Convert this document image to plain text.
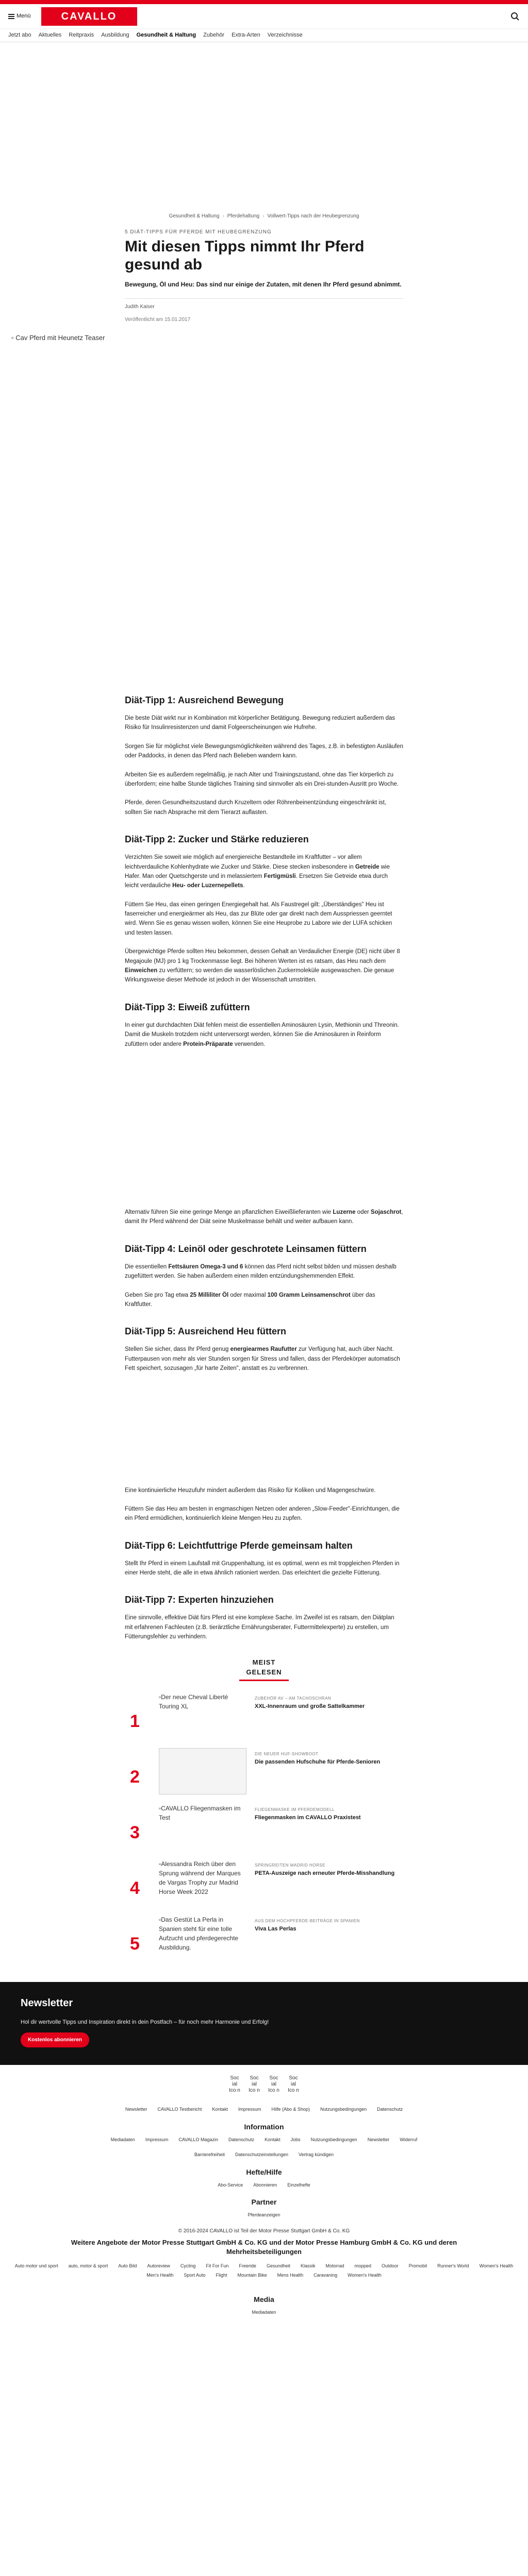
Menü	CAVALLO
Jetzt abo	Aktuelles	Reitpraxis	Ausbildung	Gesundheit & Haltung	Zubehör	Extra-Arten	Verzeichnisse
Gesundheit & Haltung › Pferdehaltung › Vollwert-Tipps nach der Heubegrenzung
5 DIÄT-TIPPS FÜR PFERDE MIT HEUBEGRENZUNG
Mit diesen Tipps nimmt Ihr Pferd gesund ab
Bewegung, Öl und Heu: Das sind nur einige der Zutaten, mit denen Ihr Pferd gesund abnimmt.
Judith Kaiser
Veröffentlicht am 15.01.2017
▫ Cav Pferd mit Heunetz Teaser
Diät-Tipp 1: Ausreichend Bewegung

Die beste Diät wirkt nur in Kombination mit körperlicher Betätigung. Bewegung reduziert außerdem das Risiko für Insulinresistenzen und damit Folgeerscheinungen wie Hufrehe.

Sorgen Sie für möglichst viele Bewegungsmöglichkeiten während des Tages, z.B. in befestigten Ausläufen oder Paddocks, in denen das Pferd nach Belieben wandern kann.

Arbeiten Sie es außerdem regelmäßig, je nach Alter und Trainingszustand, ohne das Tier körperlich zu überfordern; eine halbe Stunde tägliches Training sind sinnvoller als ein Drei-stunden-Ausritt pro Woche.

Pferde, deren Gesundheitszustand durch Kruzeltern oder Röhrenbeinentzündung eingeschränkt ist, sollten Sie nach Absprache mit dem Tierarzt auflasten.

Diät-Tipp 2: Zucker und Stärke reduzieren

Verzichten Sie soweit wie möglich auf energiereiche Bestandteile im Kraftfutter – vor allem leichtverdauliche Kohlenhydrate wie Zucker und Stärke. Diese stecken insbesondere in Getreide wie Hafer. Man oder Quetschgerste und in melassiertem Fertigmüsli. Ersetzen Sie Getreide etwa durch leicht verdauliche Heu- oder Luzernepellets.

Füttern Sie Heu, das einen geringen Energiegehalt hat. Als Faustregel gilt: „Überständiges" Heu ist faserreicher und energieärmer als Heu, das zur Blüte oder gar direkt nach dem Ausspriessen geerntet wird. Wenn Sie es genau wissen wollen, können Sie eine Heuprobe zu Labore wie der LUFA schicken und testen lassen.

Übergewichtige Pferde sollten Heu bekommen, dessen Gehalt an Verdaulicher Energie (DE) nicht über 8 Megajoule (MJ) pro 1 kg Trockenmasse liegt. Bei höheren Werten ist es ratsam, das Heu nach dem Einweichen zu verfüttern; so werden die wasserlöslichen Zuckermoleküle ausgewaschen. Die genaue Wirkungsweise dieser Methode ist jedoch in der Wissenschaft umstritten.

Diät-Tipp 3: Eiweiß zufüttern

In einer gut durchdachten Diät fehlen meist die essentiellen Aminosäuren Lysin, Methionin und Threonin. Damit die Muskeln trotzdem nicht unterversorgt werden, können Sie die Aminosäuren in Reinform zufüttern oder andere Protein-Präparate verwenden.

Alternativ führen Sie eine geringe Menge an pflanzlichen Eiweißlieferanten wie Luzerne oder Sojaschrot, damit Ihr Pferd während der Diät seine Muskelmasse behält und weiter aufbauen kann.

Diät-Tipp 4: Leinöl oder geschrotete Leinsamen füttern

Die essentiellen Fettsäuren Omega-3 und 6 können das Pferd nicht selbst bilden und müssen deshalb zugefüttert werden. Sie haben außerdem einen milden entzündungshemmenden Effekt.

Geben Sie pro Tag etwa 25 Milliliter Öl oder maximal 100 Gramm Leinsamenschrot über das Kraftfutter.

Diät-Tipp 5: Ausreichend Heu füttern

Stellen Sie sicher, dass Ihr Pferd genug energiearmes Raufutter zur Verfügung hat, auch über Nacht. Futterpausen von mehr als vier Stunden sorgen für Stress und fallen, dass der Pferdekörper automatisch Fett speichert, sozusagen „für harte Zeiten", anstatt es zu verbrennen.

Eine kontinuierliche Heuzufuhr mindert außerdem das Risiko für Koliken und Magengeschwüre.

Füttern Sie das Heu am besten in engmaschigen Netzen oder anderen „Slow-Feeder"-Einrichtungen, die ein Pferd ermüdlichen, kontinuierlich kleine Mengen Heu zu zupfen.

Diät-Tipp 6: Leichtfuttrige Pferde gemeinsam halten

Stellt Ihr Pferd in einem Laufstall mit Gruppenhaltung, ist es optimal, wenn es mit tropgleichen Pferden in einer Herde steht, die alle in etwa ähnlich rationiert werden. Das erleichtert die gezielte Fütterung.

Diät-Tipp 7: Experten hinzuziehen

Eine sinnvolle, effektive Diät fürs Pferd ist eine komplexe Sache. Im Zweifel ist es ratsam, den Diätplan mit erfahrenen Fachleuten (z.B. tierärztliche Ernährungsberater, Futtermittelexperte) zu erstellen, um Fütterungsfehler zu verhindern.

MEIST GELESEN
1
▫Der neue Cheval Liberté Touring XL
ZUBEHÖR AV – AM TACHOSCHRAN
XXL-Innenraum und große Sattelkammer
2
DIE NEUER HUF-SHOWBOOT
Die passenden Hufschuhe für Pferde-Senioren
3
▫CAVALLO Fliegenmasken im Test
FLIEGENMASKE IM PFERDEMODELL
Fliegenmasken im CAVALLO Praxistest
4
▫Alessandra Reich über den Sprung während der Marques de Vargas Trophy zur Madrid Horse Week 2022
SPRINGREITEN MADRID HORSE
PETA-Auszeige nach erneuter Pferde-Misshandlung
5
▫Das Gestüt La Perla in Spanien steht für eine tolle Aufzucht und pferdegerechte Ausbildung.
AUS DEM HOCHPFERDE-BEITRÄGE IN SPANIEN
Viva Las Perlas
Newsletter

Hol dir wertvolle Tipps und Inspiration direkt in dein Postfach – für noch mehr Harmonie und Erfolg!

Kostenlos abonnieren
Soc ial Ico n
Soc ial Ico n
Soc ial Ico n
Soc ial Ico n
Newsletter CAVALLO Testbericht Kontakt Impressum Hilfe (Abo & Shop) Nutzungsbedingungen Datenschutz
Information
Mediadaten Impressum CAVALLO Magazin Datenschutz Kontakt Jobs Nutzungsbedingungen Newsletter Widerruf
Barrierefreiheit Datenschutzeinstellungen Vertrag kündigen
Hefte/Hilfe
Abo-Service Abonnieren Einzelhefte
Partner
Pferdeanzeigen
© 2016-2024 CAVALLO ist Teil der Motor Presse Stuttgart GmbH & Co. KG
Weitere Angebote der Motor Presse Stuttgart GmbH & Co. KG und der Motor Presse Hamburg GmbH & Co. KG und deren Mehrheitsbeteiligungen
Auto motor und sport auto, motor & sport Auto Bild Autoreview Cycling Fit For Fun Freeride Gesundheit Klassik Motorrad mopped Outdoor Promobil Runner's World Women's Health
Men's Health Sport Auto Flight Mountain Bike Mens Health Caravaning Women's Health
Media
Mediadaten
